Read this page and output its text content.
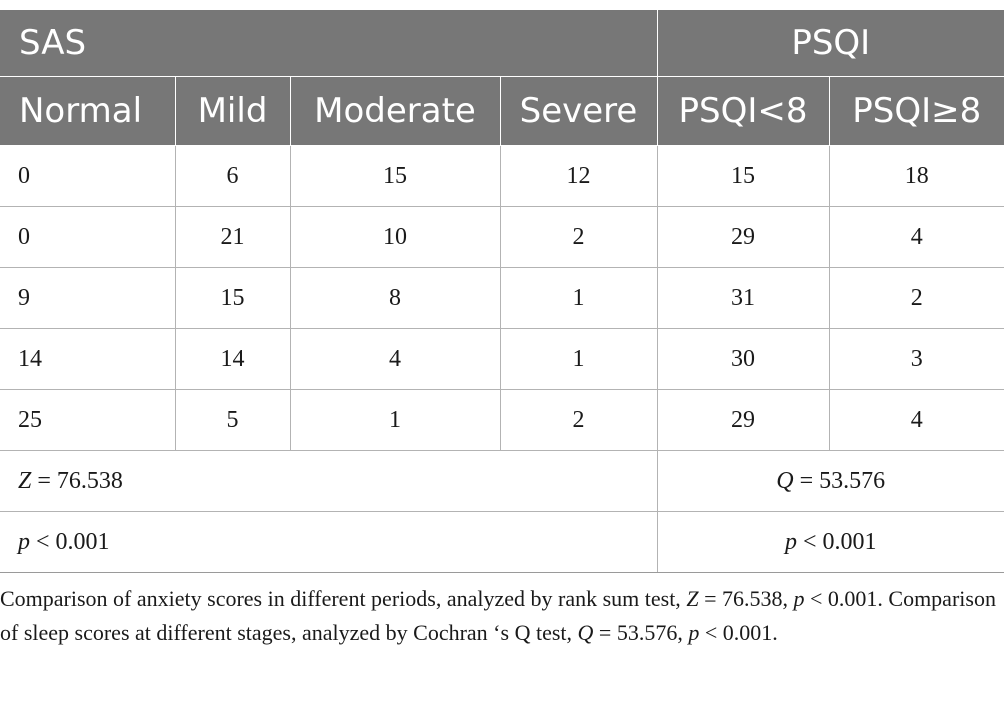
SAS				PSQI	
Normal	Mild	Moderate	Severe	PSQI<8	PSQI≥8
0	6	15	12	15	18
0	21	10	2	29	4
9	15	8	1	31	2
14	14	4	1	30	3
25	5	1	2	29	4
Z = 76.538				Q = 53.576	
p < 0.001				p < 0.001	

Comparison of anxiety scores in different periods, analyzed by rank sum test, Z = 76.538, p < 0.001. Comparison of sleep scores at different stages, analyzed by Cochran ‘s Q test, Q = 53.576, p < 0.001.
